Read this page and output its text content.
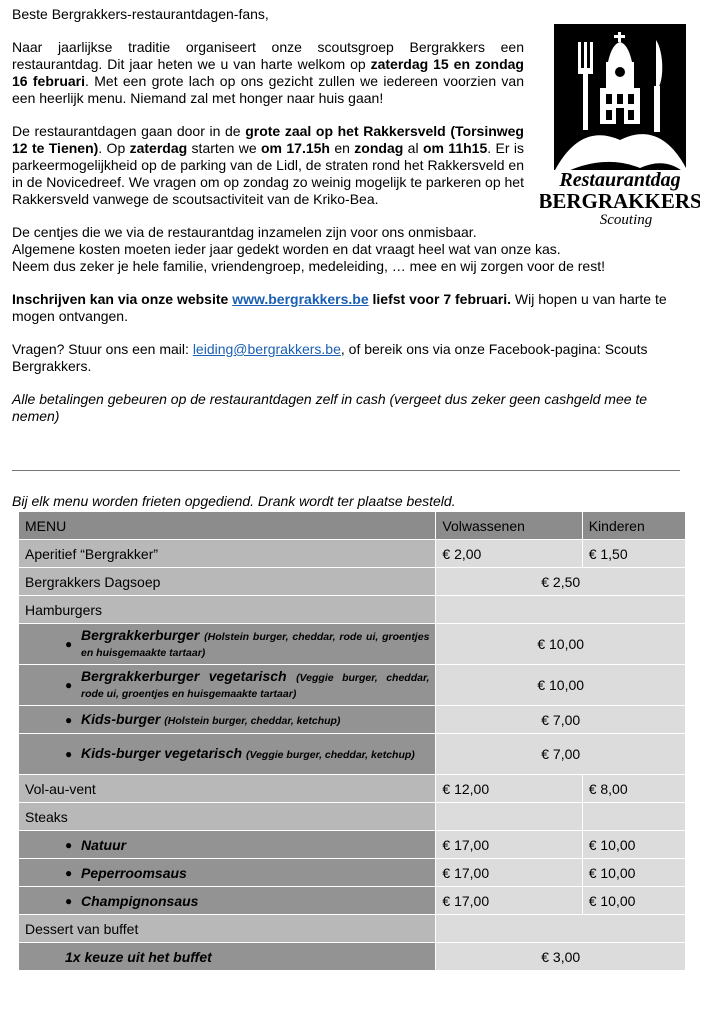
Beste Bergrakkers-restaurantdagen-fans,

Naar jaarlijkse traditie organiseert onze scoutsgroep Bergrakkers een restaurantdag. Dit jaar heten we u van harte welkom op zaterdag 15 en zondag 16 februari. Met een grote lach op ons gezicht zullen we iedereen voorzien van een heerlijk menu. Niemand zal met honger naar huis gaan!

De restaurantdagen gaan door in de grote zaal op het Rakkersveld (Torsinweg 12 te Tienen). Op zaterdag starten we om 17.15h en zondag al om 11h15. Er is parkeermogelijkheid op de parking van de Lidl, de straten rond het Rakkersveld en in de Novicedreef. We vragen om op zondag zo weinig mogelijk te parkeren op het Rakkersveld vanwege de scoutsactiviteit van de Kriko-Bea.

De centjes die we via de restaurantdag inzamelen zijn voor ons onmisbaar.
Algemene kosten moeten ieder jaar gedekt worden en dat vraagt heel wat van onze kas.
Neem dus zeker je hele familie, vriendengroep, medeleiding, … mee en wij zorgen voor de rest!

Inschrijven kan via onze website www.bergrakkers.be liefst voor 7 februari. Wij hopen u van harte te mogen ontvangen.

Vragen? Stuur ons een mail: leiding@bergrakkers.be, of bereik ons via onze Facebook-pagina: Scouts Bergrakkers.

Alle betalingen gebeuren op de restaurantdagen zelf in cash (vergeet dus zeker geen cashgeld mee te nemen)

Restaurantdag
BERGRAKKERS
Scouting
Bij elk menu worden frieten opgediend. Drank wordt ter plaatse besteld.
MENU	Volwassenen	Kinderen
Aperitief “Bergrakker”	€ 2,00	€ 1,50
Bergrakkers Dagsoep	€ 2,50	
Hamburgers		

●
Bergrakkerburger (Holstein burger, cheddar, rode ui, groentjes en huisgemaakte tartaar)	€ 10,00	

●
Bergrakkerburger vegetarisch (Veggie burger, cheddar, rode ui, groentjes en huisgemaakte tartaar)	€ 10,00	

● Kids-burger (Holstein burger, cheddar, ketchup)	€ 7,00	

● Kids-burger vegetarisch (Veggie burger, cheddar, ketchup)	€ 7,00	
Vol-au-vent	€ 12,00	€ 8,00
Steaks		

● Natuur	€ 17,00	€ 10,00

● Peperroomsaus	€ 17,00	€ 10,00

● Champignonsaus	€ 17,00	€ 10,00
Dessert van buffet		
1x keuze uit het buffet	€ 3,00	
